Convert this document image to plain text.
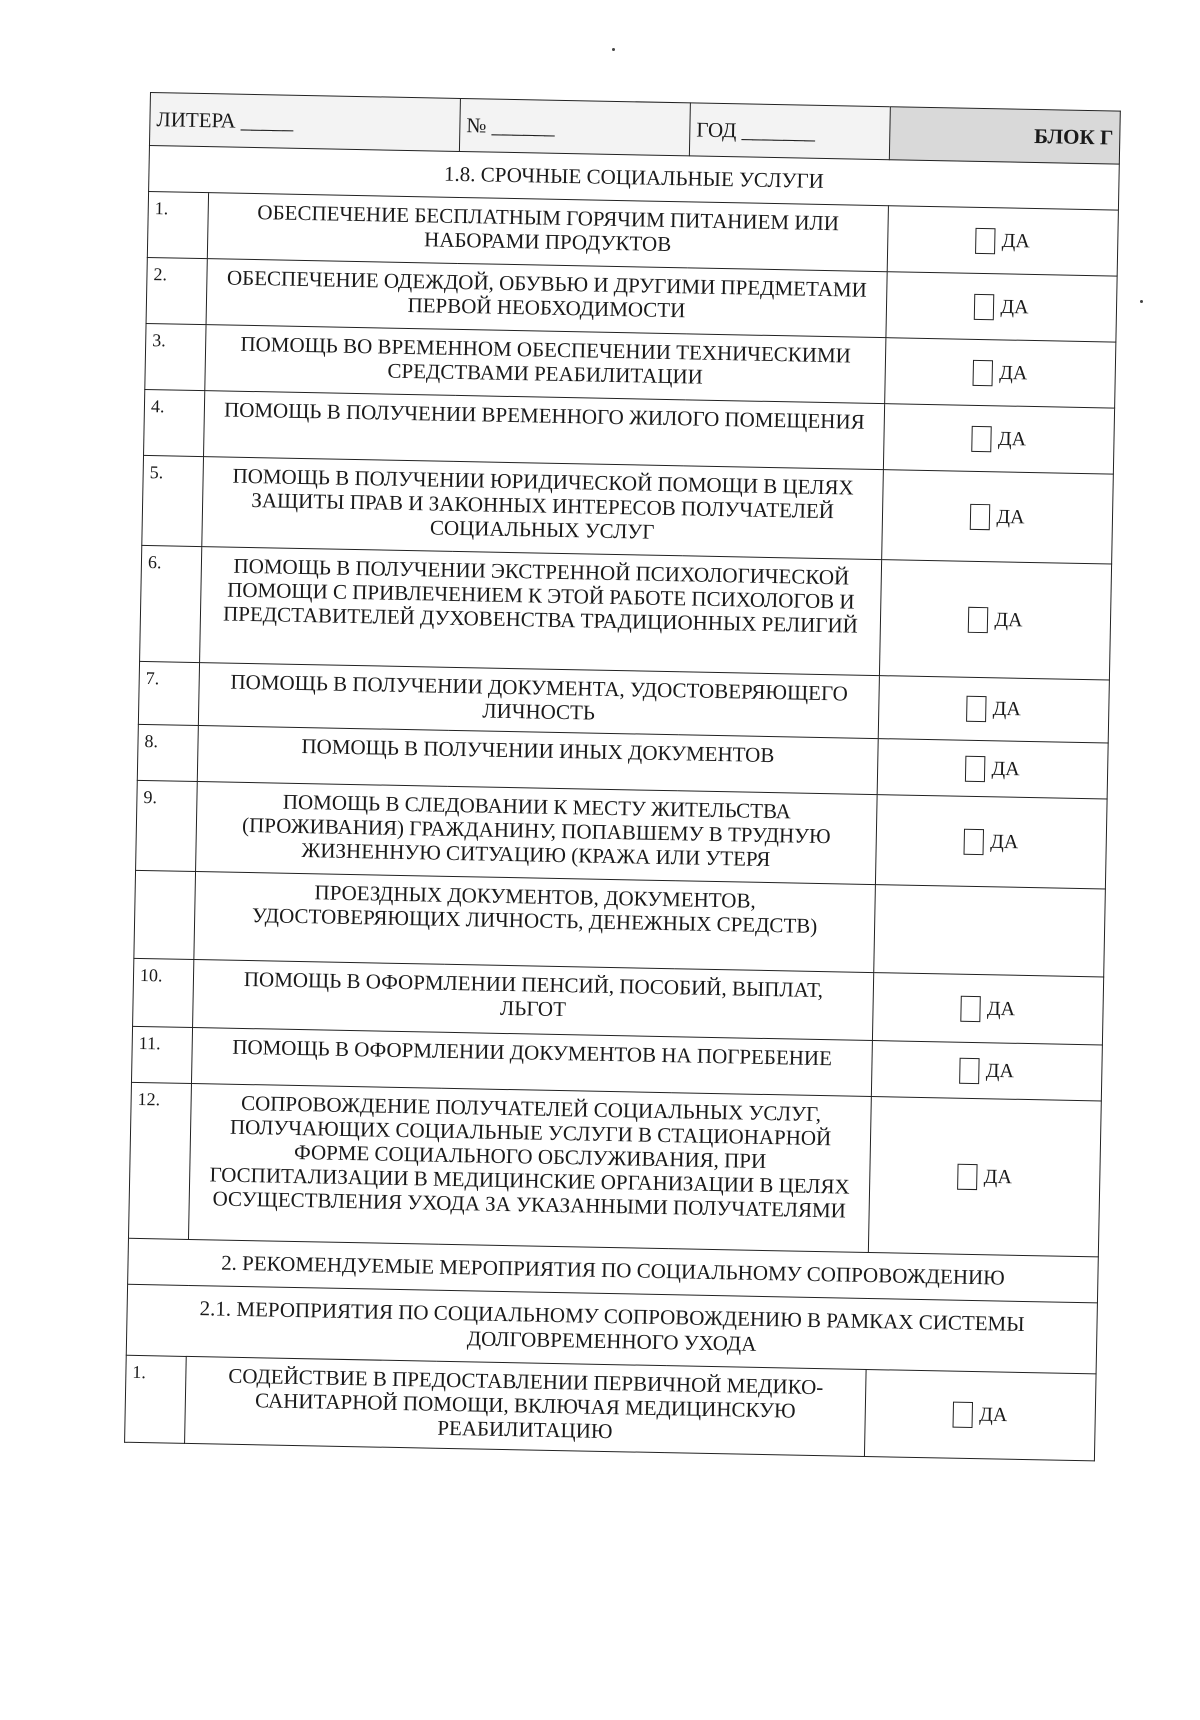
ЛИТЕРА _____		№ ______	ГОД _______	БЛОК Г
1.8. СРОЧНЫЕ СОЦИАЛЬНЫЕ УСЛУГИ				
1.	ОБЕСПЕЧЕНИЕ БЕСПЛАТНЫМ ГОРЯЧИМ ПИТАНИЕМ ИЛИ НАБОРАМИ ПРОДУКТОВ			ДА
2.	ОБЕСПЕЧЕНИЕ ОДЕЖДОЙ, ОБУВЬЮ И ДРУГИМИ ПРЕДМЕТАМИ ПЕРВОЙ НЕОБХОДИМОСТИ			ДА
3.	ПОМОЩЬ ВО ВРЕМЕННОМ ОБЕСПЕЧЕНИИ ТЕХНИЧЕСКИМИ СРЕДСТВАМИ РЕАБИЛИТАЦИИ			ДА
4.	ПОМОЩЬ В ПОЛУЧЕНИИ ВРЕМЕННОГО ЖИЛОГО ПОМЕЩЕНИЯ			ДА
5.	ПОМОЩЬ В ПОЛУЧЕНИИ ЮРИДИЧЕСКОЙ ПОМОЩИ В ЦЕЛЯХ ЗАЩИТЫ ПРАВ И ЗАКОННЫХ ИНТЕРЕСОВ ПОЛУЧАТЕЛЕЙ СОЦИАЛЬНЫХ УСЛУГ			ДА
6.	ПОМОЩЬ В ПОЛУЧЕНИИ ЭКСТРЕННОЙ ПСИХОЛОГИЧЕСКОЙ ПОМОЩИ С ПРИВЛЕЧЕНИЕМ К ЭТОЙ РАБОТЕ ПСИХОЛОГОВ И ПРЕДСТАВИТЕЛЕЙ ДУХОВЕНСТВА ТРАДИЦИОННЫХ РЕЛИГИЙ			ДА
7.	ПОМОЩЬ В ПОЛУЧЕНИИ ДОКУМЕНТА, УДОСТОВЕРЯЮЩЕГО ЛИЧНОСТЬ			ДА
8.	ПОМОЩЬ В ПОЛУЧЕНИИ ИНЫХ ДОКУМЕНТОВ			ДА
9.	ПОМОЩЬ В СЛЕДОВАНИИ К МЕСТУ ЖИТЕЛЬСТВА (ПРОЖИВАНИЯ) ГРАЖДАНИНУ, ПОПАВШЕМУ В ТРУДНУЮ ЖИЗНЕННУЮ СИТУАЦИЮ (КРАЖА ИЛИ УТЕРЯ			ДА
	ПРОЕЗДНЫХ ДОКУМЕНТОВ, ДОКУМЕНТОВ, УДОСТОВЕРЯЮЩИХ ЛИЧНОСТЬ, ДЕНЕЖНЫХ СРЕДСТВ)			
10.	ПОМОЩЬ В ОФОРМЛЕНИИ ПЕНСИЙ, ПОСОБИЙ, ВЫПЛАТ, ЛЬГОТ			ДА
11.	ПОМОЩЬ В ОФОРМЛЕНИИ ДОКУМЕНТОВ НА ПОГРЕБЕНИЕ			ДА
12.	СОПРОВОЖДЕНИЕ ПОЛУЧАТЕЛЕЙ СОЦИАЛЬНЫХ УСЛУГ, ПОЛУЧАЮЩИХ СОЦИАЛЬНЫЕ УСЛУГИ В СТАЦИОНАРНОЙ ФОРМЕ СОЦИАЛЬНОГО ОБСЛУЖИВАНИЯ, ПРИ ГОСПИТАЛИЗАЦИИ В МЕДИЦИНСКИЕ ОРГАНИЗАЦИИ В ЦЕЛЯХ ОСУЩЕСТВЛЕНИЯ УХОДА ЗА УКАЗАННЫМИ ПОЛУЧАТЕЛЯМИ			ДА
2. РЕКОМЕНДУЕМЫЕ МЕРОПРИЯТИЯ ПО СОЦИАЛЬНОМУ СОПРОВОЖДЕНИЮ				
2.1. МЕРОПРИЯТИЯ ПО СОЦИАЛЬНОМУ СОПРОВОЖДЕНИЮ В РАМКАХ СИСТЕМЫ ДОЛГОВРЕМЕННОГО УХОДА				
1.	СОДЕЙСТВИЕ В ПРЕДОСТАВЛЕНИИ ПЕРВИЧНОЙ МЕДИКО-САНИТАРНОЙ ПОМОЩИ, ВКЛЮЧАЯ МЕДИЦИНСКУЮ РЕАБИЛИТАЦИЮ			ДА
